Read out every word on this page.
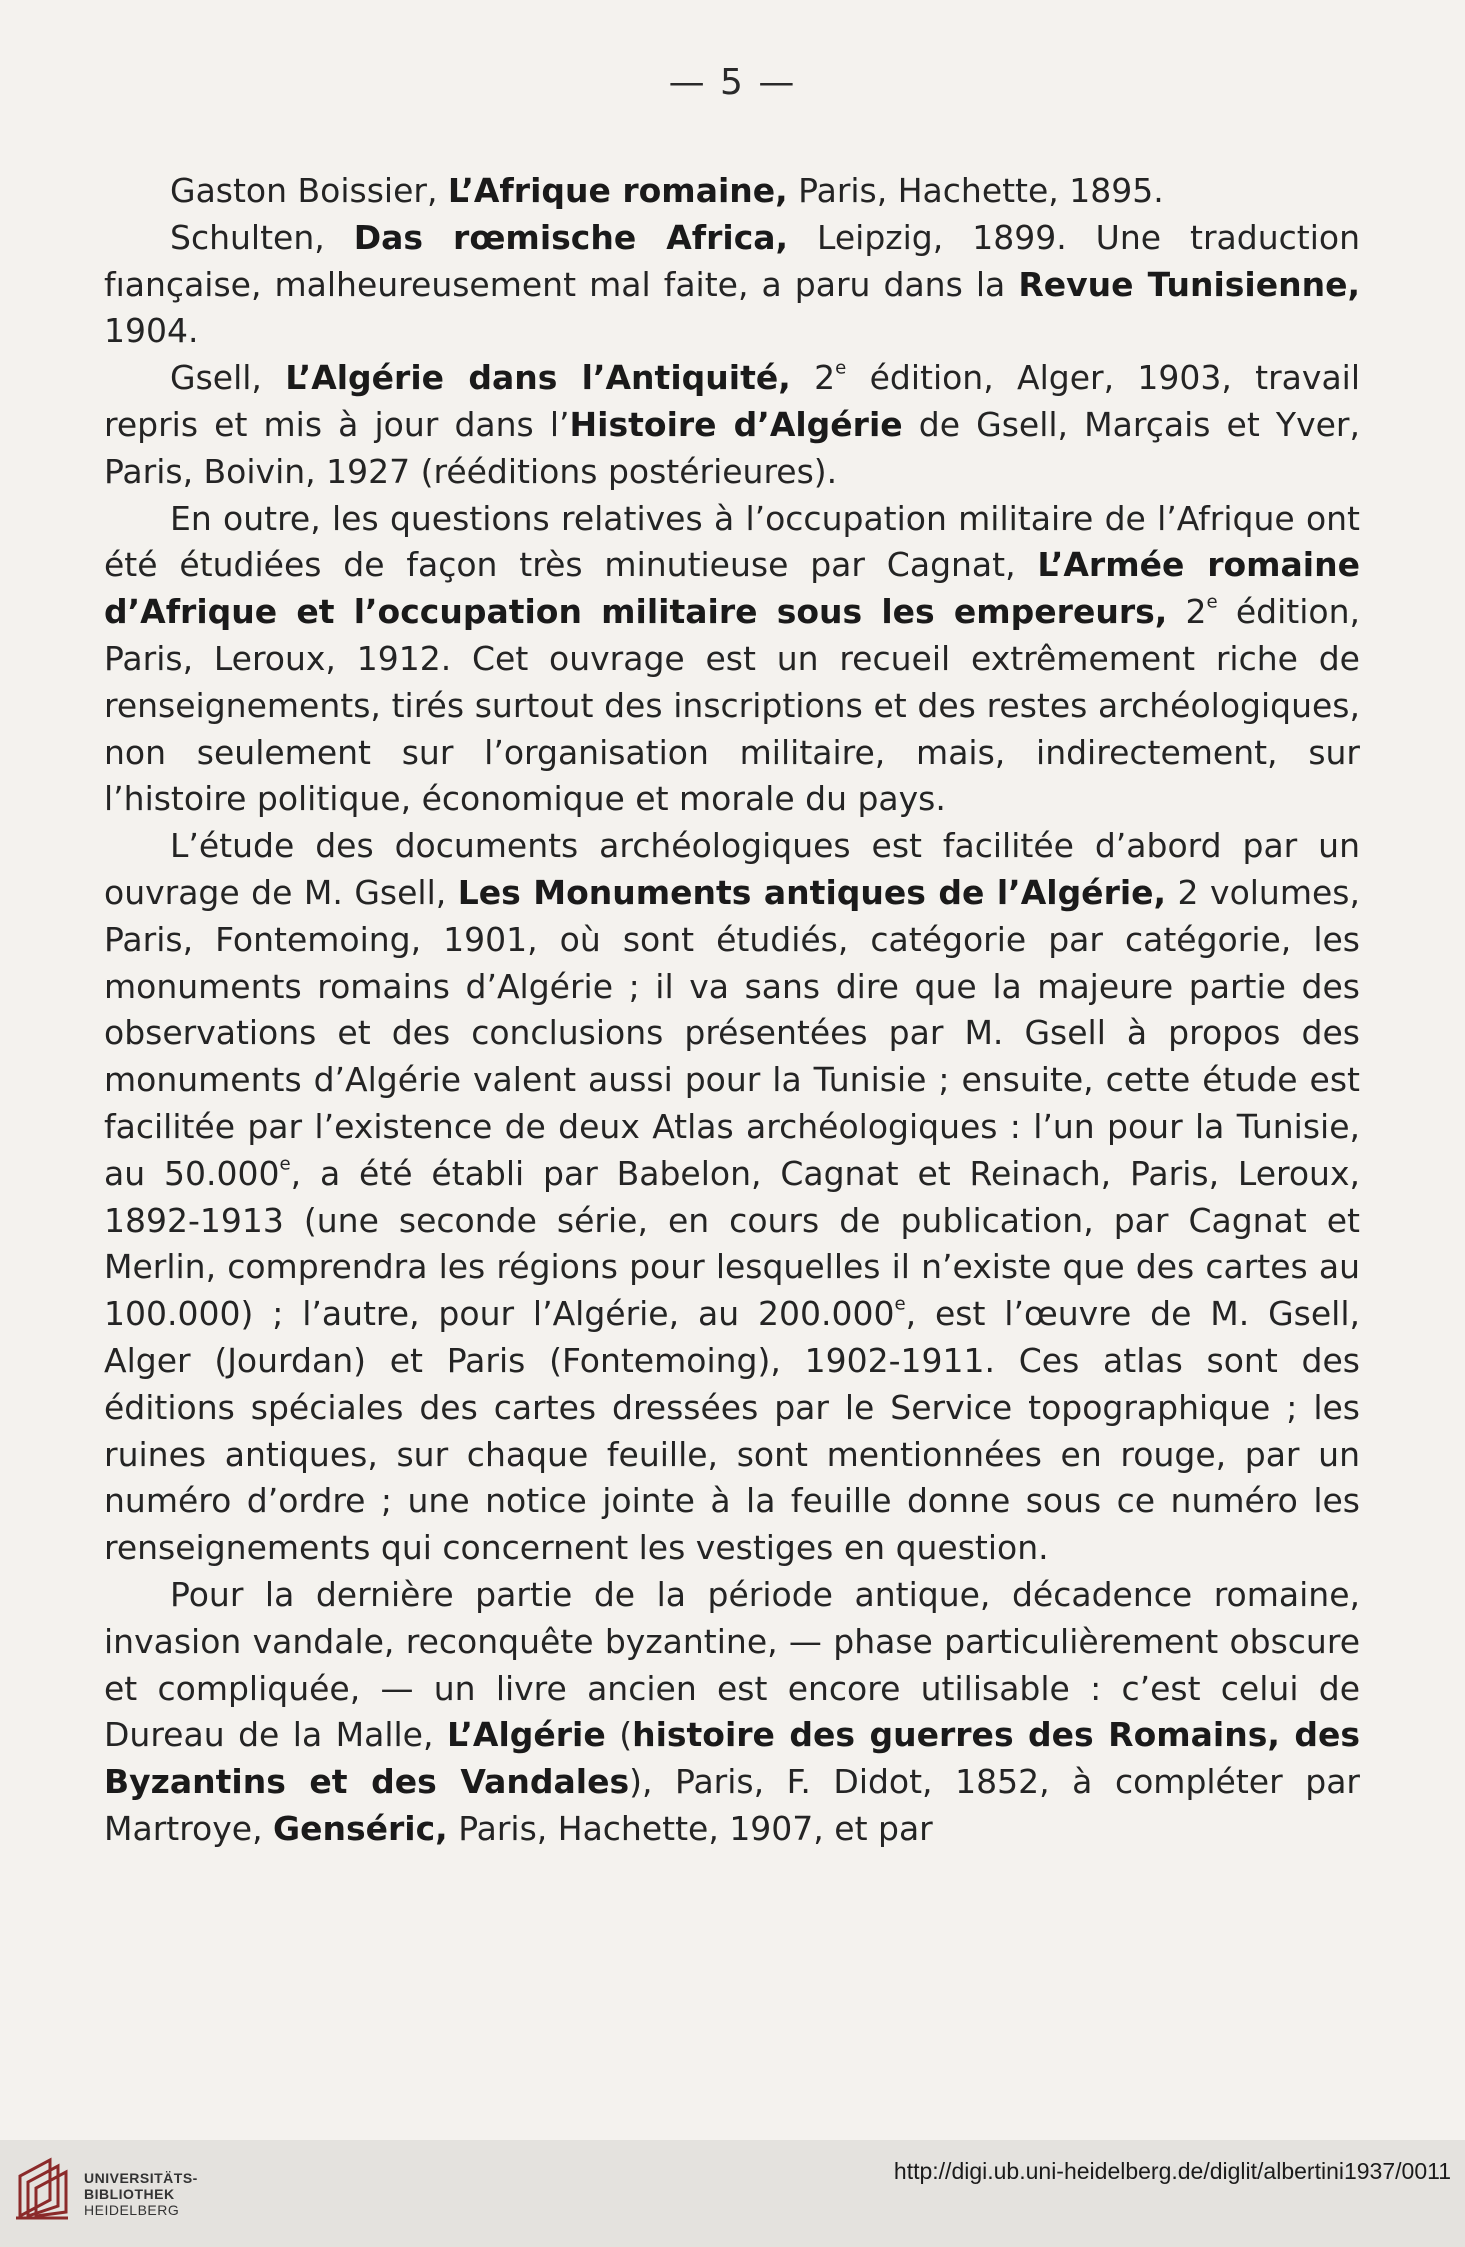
— 5 —

Gaston Boissier, L’Afrique romaine, Paris, Hachette, 1895.

Schulten, Das rœmische Africa, Leipzig, 1899. Une traduction fıançaise, malheureusement mal faite, a paru dans la Revue Tunisienne, 1904.

Gsell, L’Algérie dans l’Antiquité, 2e édition, Alger, 1903, travail repris et mis à jour dans l’Histoire d’Algérie de Gsell, Marçais et Yver, Paris, Boivin, 1927 (rééditions postérieures).

En outre, les questions relatives à l’occupation militaire de l’Afrique ont été étudiées de façon très minutieuse par Cagnat, L’Armée romaine d’Afrique et l’occupation militaire sous les empereurs, 2e édition, Paris, Leroux, 1912. Cet ouvrage est un recueil extrêmement riche de renseignements, tirés surtout des inscriptions et des restes archéologiques, non seulement sur l’organisation militaire, mais, indirectement, sur l’histoire politique, économique et morale du pays.

L’étude des documents archéologiques est facilitée d’abord par un ouvrage de M. Gsell, Les Monuments antiques de l’Algérie, 2 volumes, Paris, Fontemoing, 1901, où sont étudiés, catégorie par catégorie, les monuments romains d’Algérie ; il va sans dire que la majeure partie des observations et des conclusions présentées par M. Gsell à propos des monuments d’Algérie valent aussi pour la Tunisie ; ensuite, cette étude est facilitée par l’existence de deux Atlas archéologiques : l’un pour la Tunisie, au 50.000e, a été établi par Babelon, Cagnat et Reinach, Paris, Leroux, 1892-1913 (une seconde série, en cours de publication, par Cagnat et Merlin, comprendra les régions pour lesquelles il n’existe que des cartes au 100.000) ; l’autre, pour l’Algérie, au 200.000e, est l’œuvre de M. Gsell, Alger (Jourdan) et Paris (Fontemoing), 1902-1911. Ces atlas sont des éditions spéciales des cartes dressées par le Service topographique ; les ruines antiques, sur chaque feuille, sont mentionnées en rouge, par un numéro d’ordre ; une notice jointe à la feuille donne sous ce numéro les renseignements qui concernent les vestiges en question.

Pour la dernière partie de la période antique, décadence romaine, invasion vandale, reconquête byzantine, — phase particulièrement obscure et compliquée, — un livre ancien est encore utilisable : c’est celui de Dureau de la Malle, L’Algérie (histoire des guerres des Romains, des Byzantins et des Vandales), Paris, F. Didot, 1852, à compléter par Martroye, Genséric, Paris, Hachette, 1907, et par

UNIVERSITÄTS-
BIBLIOTHEK
HEIDELBERG
http://digi.ub.uni-heidelberg.de/diglit/albertini1937/0011
